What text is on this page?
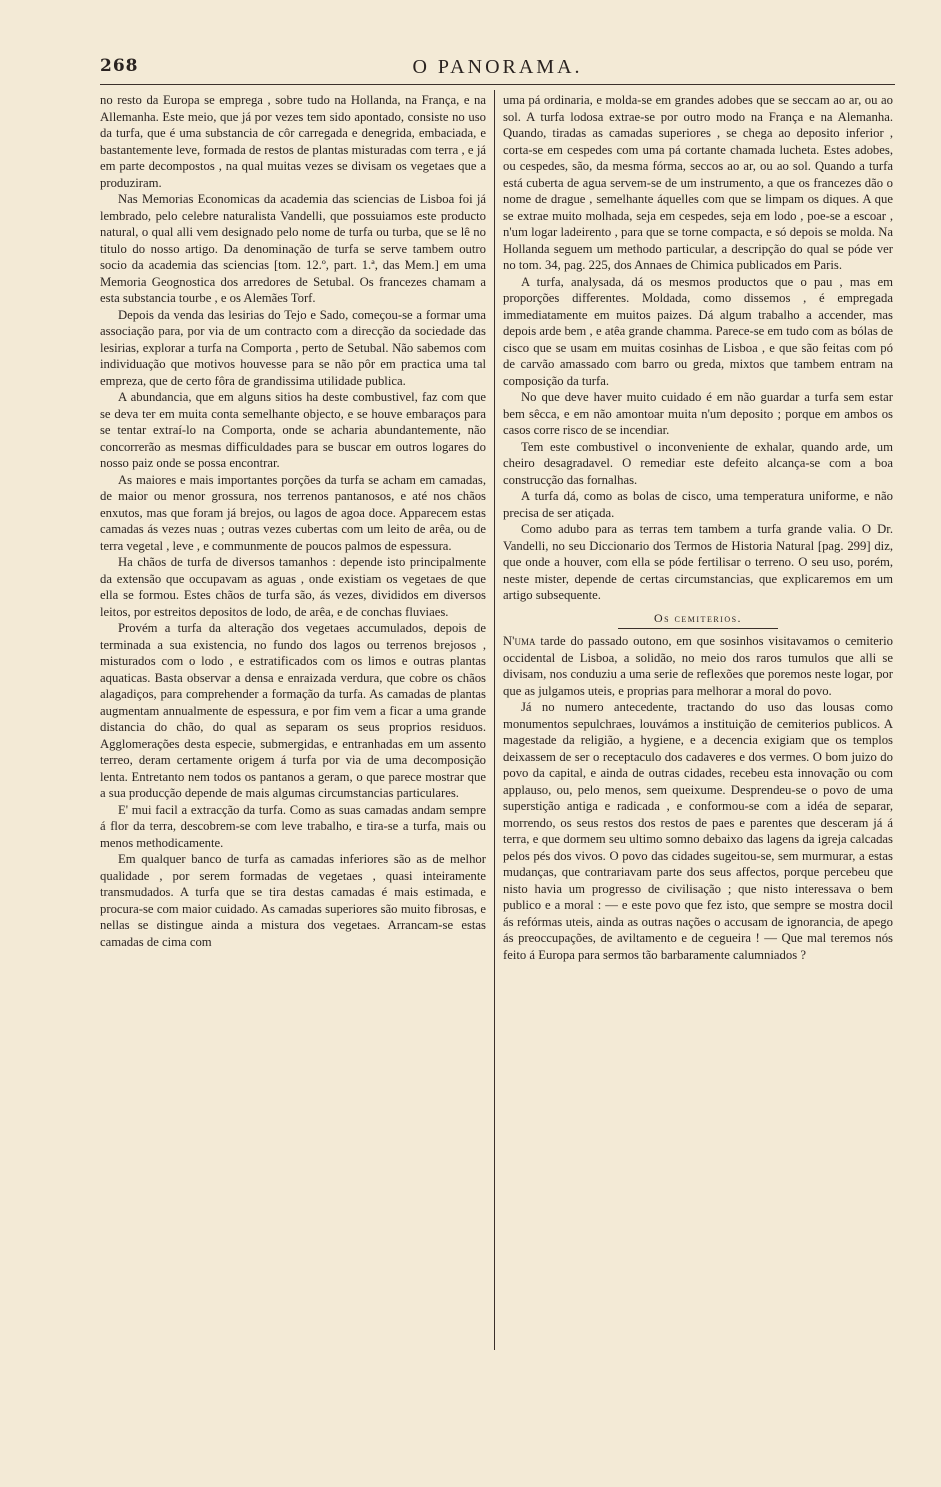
268	O PANORAMA.

no resto da Europa se emprega , sobre tudo na Hollanda, na França, e na Allemanha. Este meio, que já por vezes tem sido apontado, consiste no uso da turfa, que é uma substancia de côr carregada e denegrida, embaciada, e bastantemente leve, formada de restos de plantas misturadas com terra , e já em parte decompostos , na qual muitas vezes se divisam os vegetaes que a produziram.

Nas Memorias Economicas da academia das sciencias de Lisboa foi já lembrado, pelo celebre naturalista Vandelli, que possuiamos este producto natural, o qual alli vem designado pelo nome de turfa ou turba, que se lê no titulo do nosso artigo. Da denominação de turfa se serve tambem outro socio da academia das sciencias [tom. 12.º, part. 1.ª, das Mem.] em uma Memoria Geognostica dos arredores de Setubal. Os francezes chamam a esta substancia tourbe , e os Alemães Torf.

Depois da venda das lesirias do Tejo e Sado, começou-se a formar uma associação para, por via de um contracto com a direcção da sociedade das lesirias, explorar a turfa na Comporta , perto de Setubal. Não sabemos com individuação que motivos houvesse para se não pôr em practica uma tal empreza, que de certo fôra de grandissima utilidade publica.

A abundancia, que em alguns sitios ha deste combustivel, faz com que se deva ter em muita conta semelhante objecto, e se houve embaraços para se tentar extraí-lo na Comporta, onde se acharia abundantemente, não concorrerão as mesmas difficuldades para se buscar em outros logares do nosso paiz onde se possa encontrar.

As maiores e mais importantes porções da turfa se acham em camadas, de maior ou menor grossura, nos terrenos pantanosos, e até nos chãos enxutos, mas que foram já brejos, ou lagos de agoa doce. Apparecem estas camadas ás vezes nuas ; outras vezes cubertas com um leito de arêa, ou de terra vegetal , leve , e communmente de poucos palmos de espessura.

Ha chãos de turfa de diversos tamanhos : depende isto principalmente da extensão que occupavam as aguas , onde existiam os vegetaes de que ella se formou. Estes chãos de turfa são, ás vezes, divididos em diversos leitos, por estreitos depositos de lodo, de arêa, e de conchas fluviaes.

Provém a turfa da alteração dos vegetaes accumulados, depois de terminada a sua existencia, no fundo dos lagos ou terrenos brejosos , misturados com o lodo , e estratificados com os limos e outras plantas aquaticas. Basta observar a densa e enraizada verdura, que cobre os chãos alagadiços, para comprehender a formação da turfa. As camadas de plantas augmentam annualmente de espessura, e por fim vem a ficar a uma grande distancia do chão, do qual as separam os seus proprios residuos. Agglomerações desta especie, submergidas, e entranhadas em um assento terreo, deram certamente origem á turfa por via de uma decomposição lenta. Entretanto nem todos os pantanos a geram, o que parece mostrar que a sua producção depende de mais algumas circumstancias particulares.

E' mui facil a extracção da turfa. Como as suas camadas andam sempre á flor da terra, descobrem-se com leve trabalho, e tira-se a turfa, mais ou menos methodicamente.

Em qualquer banco de turfa as camadas inferiores são as de melhor qualidade , por serem formadas de vegetaes , quasi inteiramente transmudados. A turfa que se tira destas camadas é mais estimada, e procura-se com maior cuidado. As camadas superiores são muito fibrosas, e nellas se distingue ainda a mistura dos vegetaes. Arrancam-se estas camadas de cima com

uma pá ordinaria, e molda-se em grandes adobes que se seccam ao ar, ou ao sol. A turfa lodosa extrae-se por outro modo na França e na Alemanha. Quando, tiradas as camadas superiores , se chega ao deposito inferior , corta-se em cespedes com uma pá cortante chamada lucheta. Estes adobes, ou cespedes, são, da mesma fórma, seccos ao ar, ou ao sol. Quando a turfa está cuberta de agua servem-se de um instrumento, a que os francezes dão o nome de drague , semelhante áquelles com que se limpam os diques. A que se extrae muito molhada, seja em cespedes, seja em lodo , poe-se a escoar , n'um logar ladeirento , para que se torne compacta, e só depois se molda. Na Hollanda seguem um methodo particular, a descripção do qual se póde ver no tom. 34, pag. 225, dos Annaes de Chimica publicados em Paris.

A turfa, analysada, dá os mesmos productos que o pau , mas em proporções differentes. Moldada, como dissemos , é empregada immediatamente em muitos paizes. Dá algum trabalho a accender, mas depois arde bem , e atêa grande chamma. Parece-se em tudo com as bólas de cisco que se usam em muitas cosinhas de Lisboa , e que são feitas com pó de carvão amassado com barro ou greda, mixtos que tambem entram na composição da turfa.

No que deve haver muito cuidado é em não guardar a turfa sem estar bem sêcca, e em não amontoar muita n'um deposito ; porque em ambos os casos corre risco de se incendiar.

Tem este combustivel o inconveniente de exhalar, quando arde, um cheiro desagradavel. O remediar este defeito alcança-se com a boa construcção das fornalhas.

A turfa dá, como as bolas de cisco, uma temperatura uniforme, e não precisa de ser atiçada.

Como adubo para as terras tem tambem a turfa grande valia. O Dr. Vandelli, no seu Diccionario dos Termos de Historia Natural [pag. 299] diz, que onde a houver, com ella se póde fertilisar o terreno. O seu uso, porém, neste mister, depende de certas circumstancias, que explicaremos em um artigo subsequente.

Os cemiterios.

N'uma tarde do passado outono, em que sosinhos visitavamos o cemiterio occidental de Lisboa, a solidão, no meio dos raros tumulos que alli se divisam, nos conduziu a uma serie de reflexões que poremos neste logar, por que as julgamos uteis, e proprias para melhorar a moral do povo.

Já no numero antecedente, tractando do uso das lousas como monumentos sepulchraes, louvámos a instituição de cemiterios publicos. A magestade da religião, a hygiene, e a decencia exigiam que os templos deixassem de ser o receptaculo dos cadaveres e dos vermes. O bom juizo do povo da capital, e ainda de outras cidades, recebeu esta innovação ou com applauso, ou, pelo menos, sem queixume. Desprendeu-se o povo de uma superstição antiga e radicada , e conformou-se com a idéa de separar, morrendo, os seus restos dos restos de paes e parentes que desceram já á terra, e que dormem seu ultimo somno debaixo das lagens da igreja calcadas pelos pés dos vivos. O povo das cidades sugeitou-se, sem murmurar, a estas mudanças, que contrariavam parte dos seus affectos, porque percebeu que nisto havia um progresso de civilisação ; que nisto interessava o bem publico e a moral : — e este povo que fez isto, que sempre se mostra docil ás refórmas uteis, ainda as outras nações o accusam de ignorancia, de apego ás preoccupações, de aviltamento e de cegueira ! — Que mal teremos nós feito á Europa para sermos tão barbaramente calumniados ?
